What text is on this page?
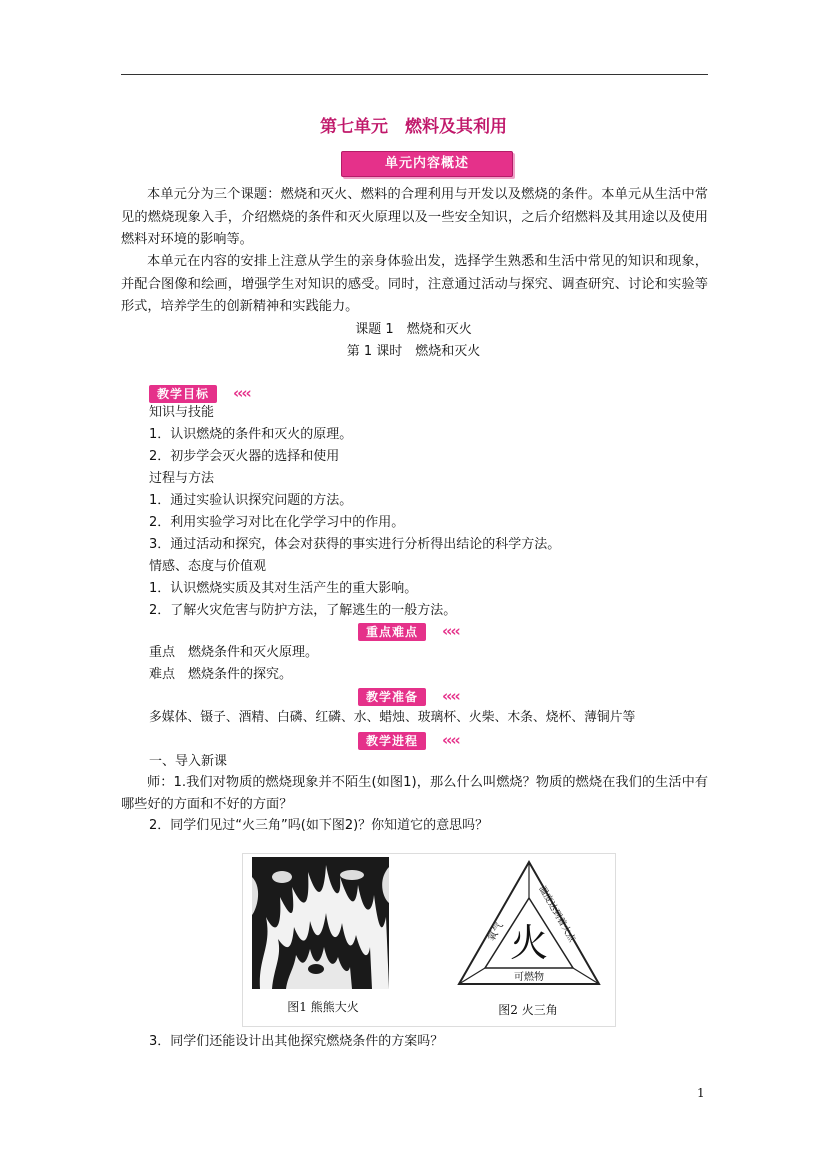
第七单元　燃料及其利用
单元内容概述
本单元分为三个课题：燃烧和灭火、燃料的合理利用与开发以及燃烧的条件。本单元从生活中常见的燃烧现象入手，介绍燃烧的条件和灭火原理以及一些安全知识，之后介绍燃料及其用途以及使用燃料对环境的影响等。
本单元在内容的安排上注意从学生的亲身体验出发，选择学生熟悉和生活中常见的知识和现象，并配合图像和绘画，增强学生对知识的感受。同时，注意通过活动与探究、调查研究、讨论和实验等形式，培养学生的创新精神和实践能力。
课题 1　燃烧和灭火
第 1 课时　燃烧和灭火
教学目标	‹‹‹‹
知识与技能
1．认识燃烧的条件和灭火的原理。
2．初步学会灭火器的选择和使用
过程与方法
1．通过实验认识探究问题的方法。
2．利用实验学习对比在化学学习中的作用。
3．通过活动和探究，体会对获得的事实进行分析得出结论的科学方法。
情感、态度与价值观
1．认识燃烧实质及其对生活产生的重大影响。
2．了解火灾危害与防护方法，了解逃生的一般方法。
重点难点	‹‹‹‹
重点　燃烧条件和灭火原理。
难点　燃烧条件的探究。
教学准备	‹‹‹‹
多媒体、镊子、酒精、白磷、红磷、水、蜡烛、玻璃杯、火柴、木条、烧杯、薄铜片等
教学进程	‹‹‹‹
一、导入新课
师：1.我们对物质的燃烧现象并不陌生(如图1)，那么什么叫燃烧？物质的燃烧在我们的生活中有哪些好的方面和不好的方面？
2．同学们见过“火三角”吗(如下图2)？你知道它的意思吗？
图1 熊熊大火
火
氧气	温度达到着火点
可燃物
图2 火三角
3．同学们还能设计出其他探究燃烧条件的方案吗？
1
